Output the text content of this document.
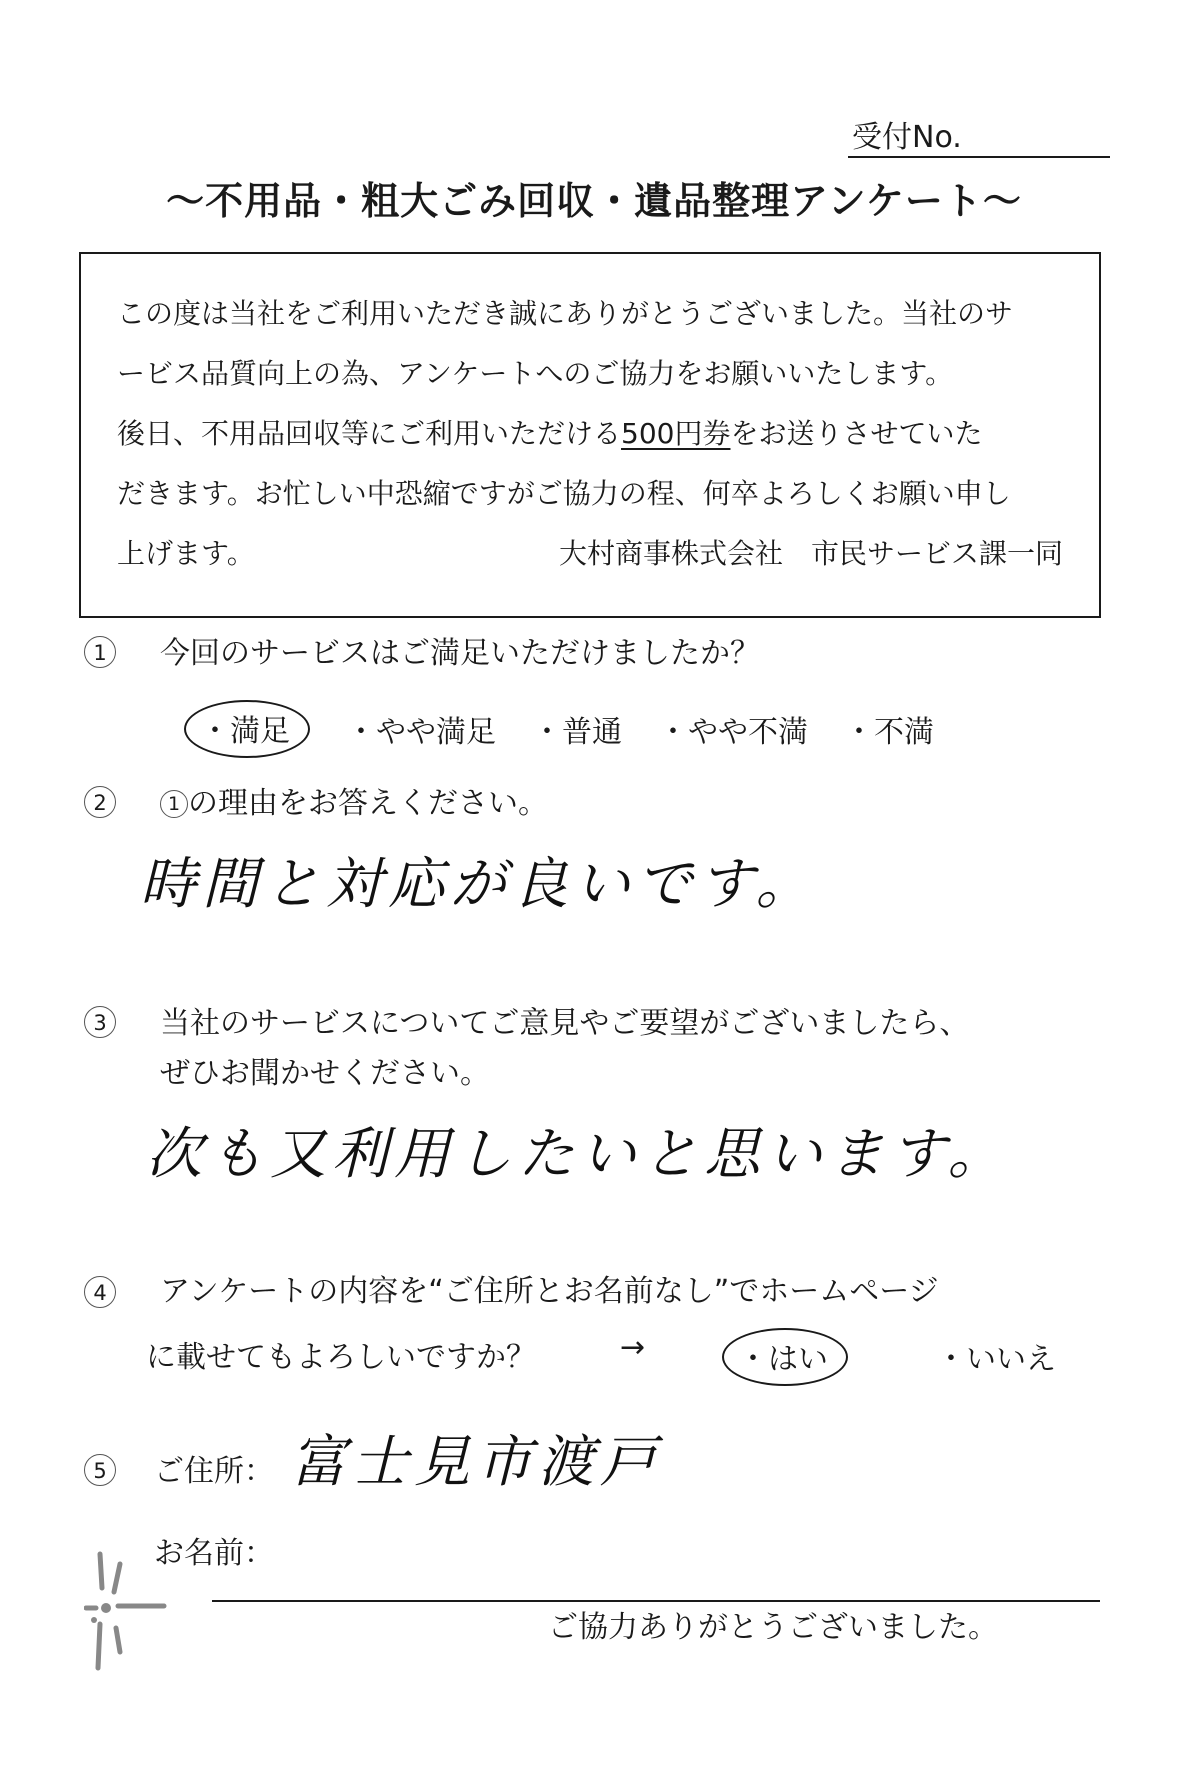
受付No.
～不用品・粗大ごみ回収・遺品整理アンケート～

この度は当社をご利用いただき誠にありがとうございました。当社のサ

ービス品質向上の為、アンケートへのご協力をお願いいたします。

後日、不用品回収等にご利用いただける500円券をお送りさせていた

だきます。お忙しい中恐縮ですがご協力の程、何卒よろしくお願い申し

上げます。	大村商事株式会社　市民サービス課一同

1	今回のサービスはご満足いただけましたか？
・満足	・やや満足 ・普通 ・やや不満 ・不満
2	1 の理由をお答えください。
時間と対応が良いです。
3	当社のサービスについてご意見やご要望がございましたら、
ぜひお聞かせください。
次も又利用したいと思います。
4	アンケートの内容を“ご住所とお名前なし”でホームページ
に載せてもよろしいですか？	→	・はい	・いいえ
5	ご住所： 富士見市渡戸
お名前：
ご協力ありがとうございました。
